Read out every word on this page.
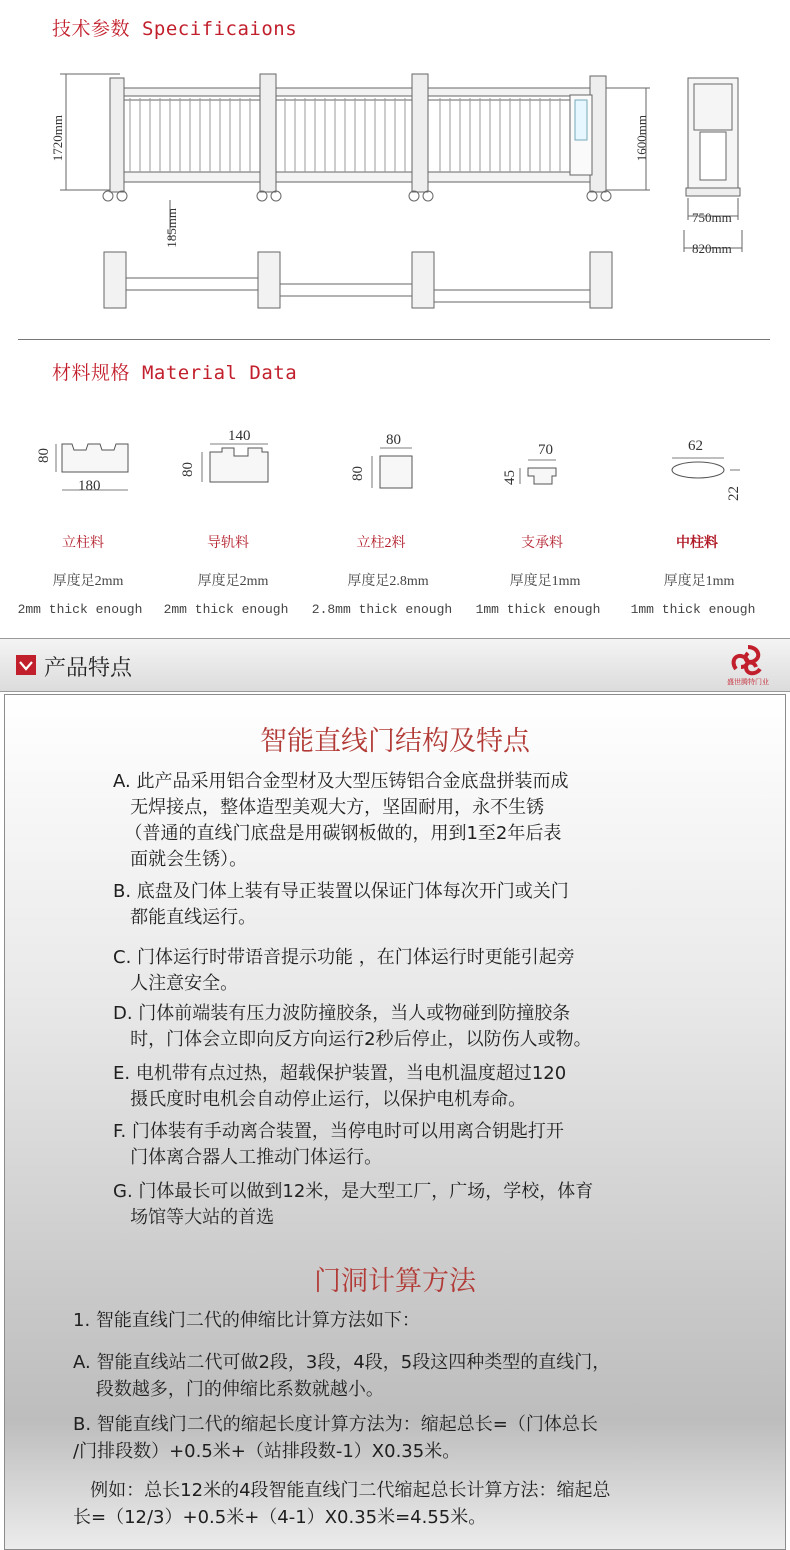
技术参数 Specificaions
1720mm	1600mm
185mm	750mm
820mm
材料规格 Material Data
180
80
140
80
80
80
70
45
62
22
立柱料	导轨料	立柱2料	支承料	中柱料
厚度足2mm	厚度足2mm	厚度足2.8mm	厚度足1mm	厚度足1mm
2mm thick enough	2mm thick enough	2.8mm thick enough	1mm thick enough	1mm thick enough
产品特点
盛世腾特门业
智能直线门结构及特点
A. 此产品采用铝合金型材及大型压铸铝合金底盘拼装而成
无焊接点，整体造型美观大方，坚固耐用，永不生锈
（普通的直线门底盘是用碳钢板做的，用到1至2年后表
面就会生锈）。
B. 底盘及门体上装有导正装置以保证门体每次开门或关门
都能直线运行。
C. 门体运行时带语音提示功能 ，在门体运行时更能引起旁
人注意安全。
D. 门体前端装有压力波防撞胶条，当人或物碰到防撞胶条
时，门体会立即向反方向运行2秒后停止，以防伤人或物。
E. 电机带有点过热，超载保护装置，当电机温度超过120
摄氏度时电机会自动停止运行，以保护电机寿命。
F. 门体装有手动离合装置，当停电时可以用离合钥匙打开
门体离合器人工推动门体运行。
G. 门体最长可以做到12米，是大型工厂，广场，学校，体育
场馆等大站的首选
门洞计算方法
1. 智能直线门二代的伸缩比计算方法如下：
A. 智能直线站二代可做2段，3段，4段，5段这四种类型的直线门，
段数越多，门的伸缩比系数就越小。
B. 智能直线门二代的缩起长度计算方法为：缩起总长=（门体总长
/门排段数）+0.5米+（站排段数-1）X0.35米。
例如：总长12米的4段智能直线门二代缩起总长计算方法：缩起总
长=（12/3）+0.5米+（4-1）X0.35米=4.55米。
